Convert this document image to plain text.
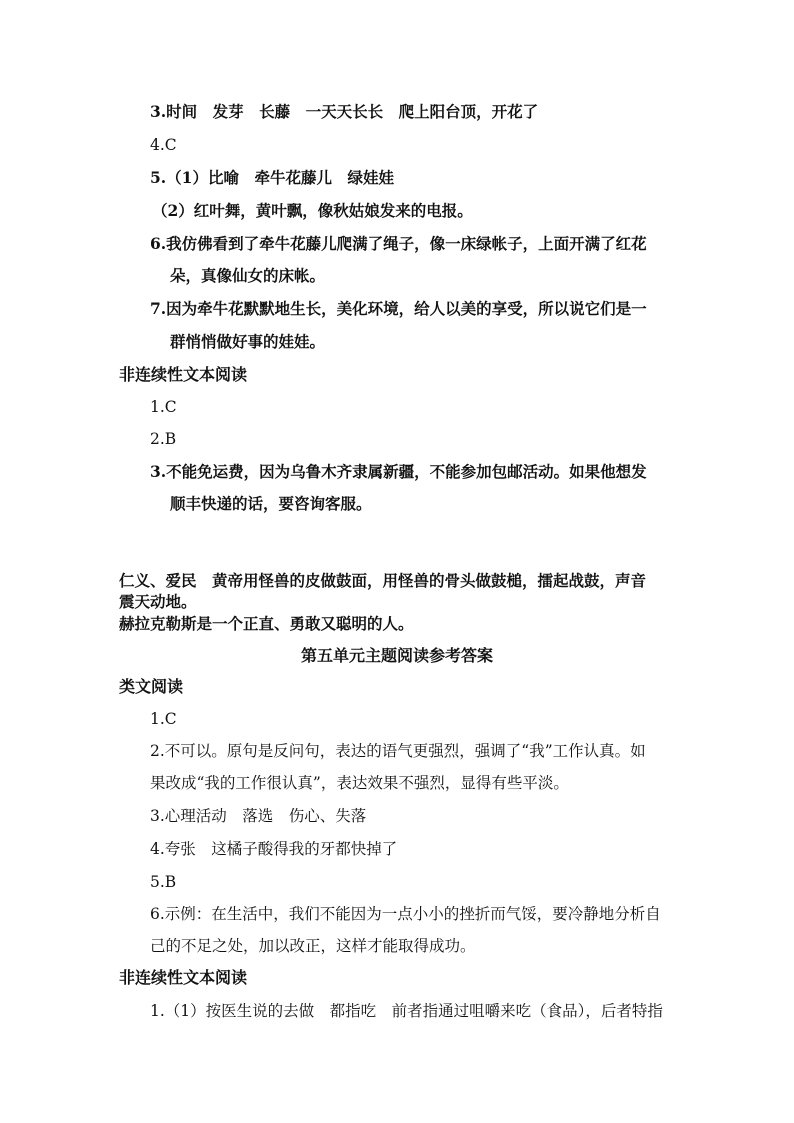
3.时间　发芽　长藤　一天天长长　爬上阳台顶，开花了
4.C
5.（1）比喻　牵牛花藤儿　绿娃娃
（2）红叶舞，黄叶飘，像秋姑娘发来的电报。
6.我仿佛看到了牵牛花藤儿爬满了绳子，像一床绿帐子，上面开满了红花
朵，真像仙女的床帐。
7.因为牵牛花默默地生长，美化环境，给人以美的享受，所以说它们是一
群悄悄做好事的娃娃。
非连续性文本阅读
1.C
2.B
3.不能免运费，因为乌鲁木齐隶属新疆，不能参加包邮活动。如果他想发
顺丰快递的话，要咨询客服。
仁义、爱民　黄帝用怪兽的皮做鼓面，用怪兽的骨头做鼓槌，擂起战鼓，声音
震天动地。
赫拉克勒斯是一个正直、勇敢又聪明的人。
第五单元主题阅读参考答案
类文阅读
1.C
2.不可以。原句是反问句，表达的语气更强烈，强调了“我”工作认真。如
果改成“我的工作很认真”，表达效果不强烈，显得有些平淡。
3.心理活动　落选　伤心、失落
4.夸张　这橘子酸得我的牙都快掉了
5.B
6.示例：在生活中，我们不能因为一点小小的挫折而气馁，要冷静地分析自
己的不足之处，加以改正，这样才能取得成功。
非连续性文本阅读
1.（1）按医生说的去做　都指吃　前者指通过咀嚼来吃（食品），后者特指
